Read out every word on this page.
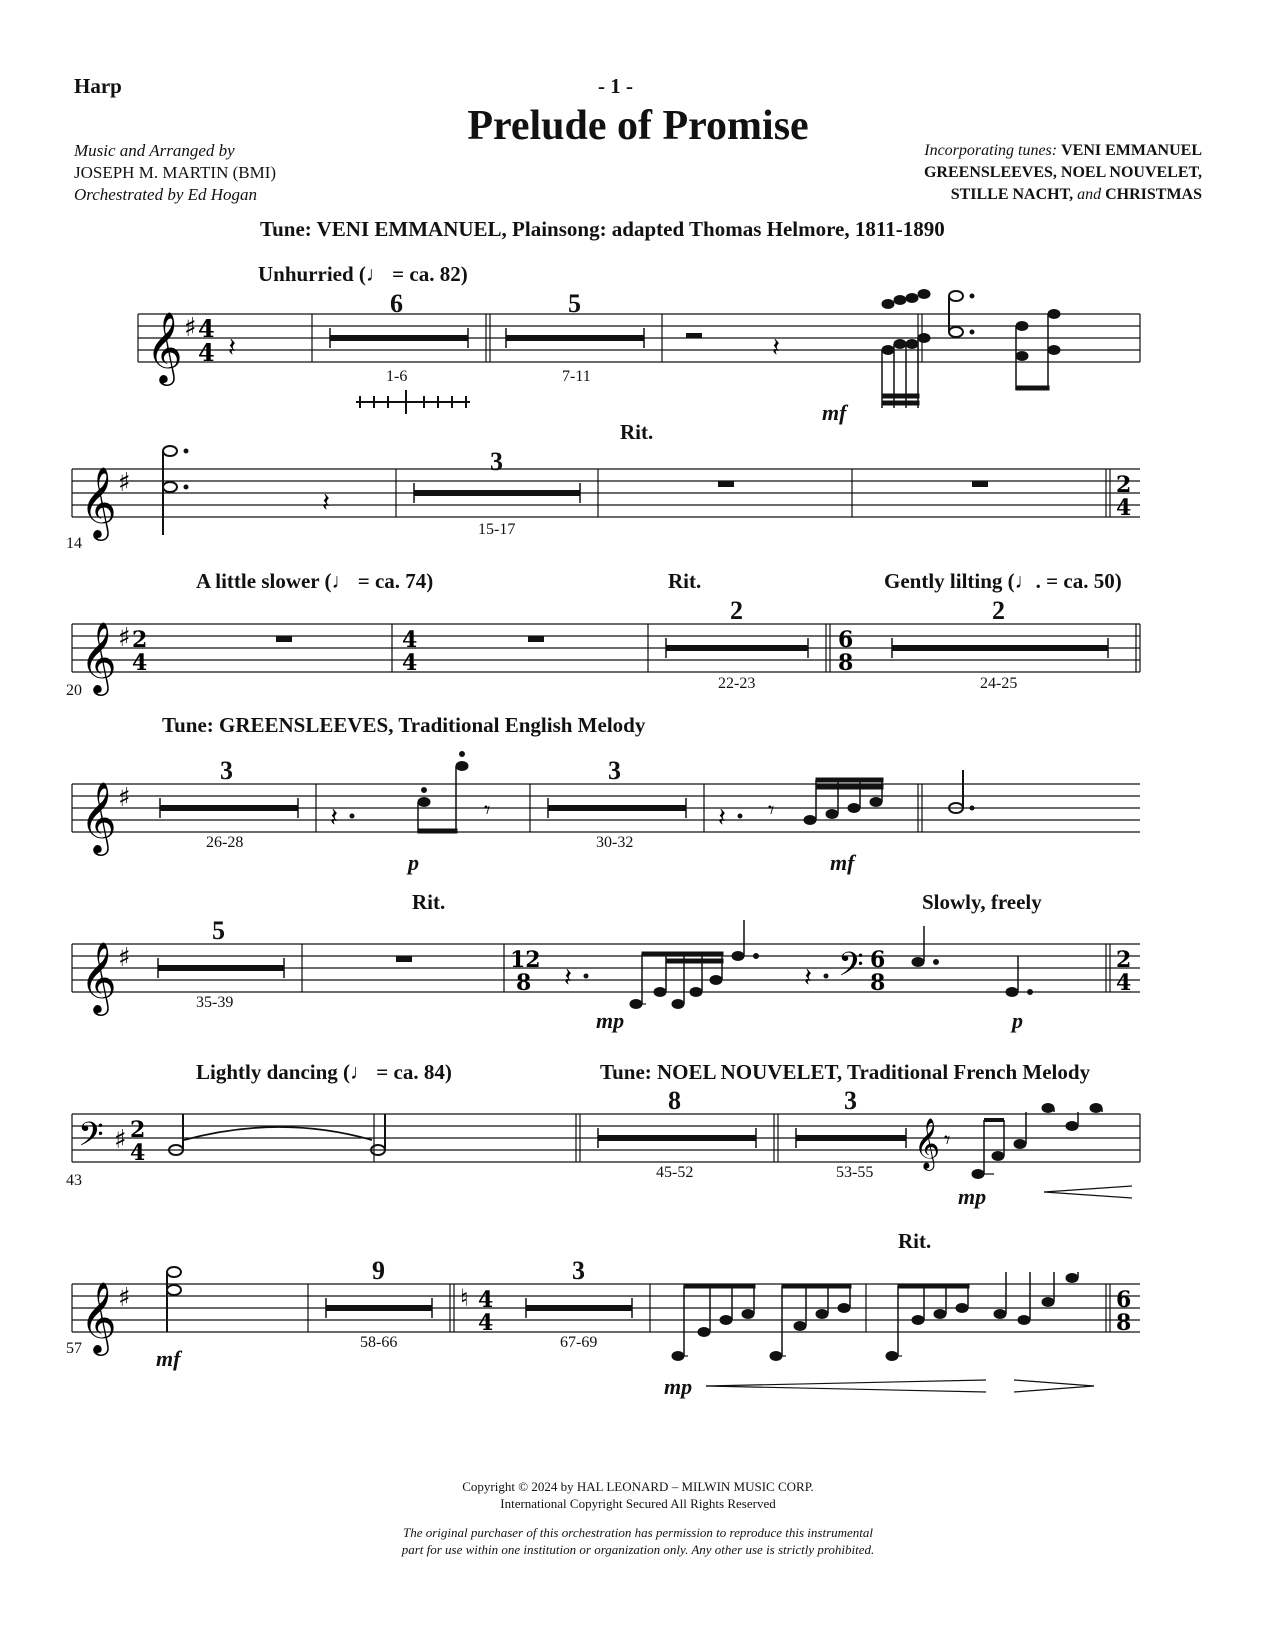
Harp	- 1 -
Prelude of Promise
Music and Arranged by
JOSEPH M. MARTIN (BMI)
Orchestrated by Ed Hogan
Incorporating tunes: VENI EMMANUEL
GREENSLEEVES, NOEL NOUVELET,
STILLE NACHT, and CHRISTMAS
Tune: VENI EMMANUEL, Plainsong: adapted Thomas Helmore, 1811-1890
Unhurried (♩ = ca. 82)
6	5
1-6	7-11
mf
𝄞 ♯ 4
4 𝄽	𝄽
Rit.
3
15-17
14
𝄞 ♯
𝄽
2
4
A little slower (♩ = ca. 74)	Rit.	Gently lilting (♩. = ca. 50)
2	2
22-23	24-25
20
𝄞 ♯ 2
4
4
4
6
8
Tune: GREENSLEEVES, Traditional English Melody
3	3
26-28	30-32
p	mf
𝄞 ♯
𝄽	𝄾	𝄽 𝄾
Rit.	Slowly, freely
5
35-39
mp	p
𝄞 ♯	12
8 𝄽	𝄽 𝄢 6
8
2
4
Lightly dancing (♩ = ca. 84)	Tune: NOEL NOUVELET, Traditional French Melody
8	3
45-52	53-55
43
mp
𝄢 ♯ 2
4	𝄞 𝄾
Rit.
9	3
58-66	67-69
57	mf
mp
𝄞 ♯	♮ 4
4
6
8
Copyright © 2024 by HAL LEONARD – MILWIN MUSIC CORP.
International Copyright Secured All Rights Reserved
The original purchaser of this orchestration has permission to reproduce this instrumental
part for use within one institution or organization only. Any other use is strictly prohibited.
